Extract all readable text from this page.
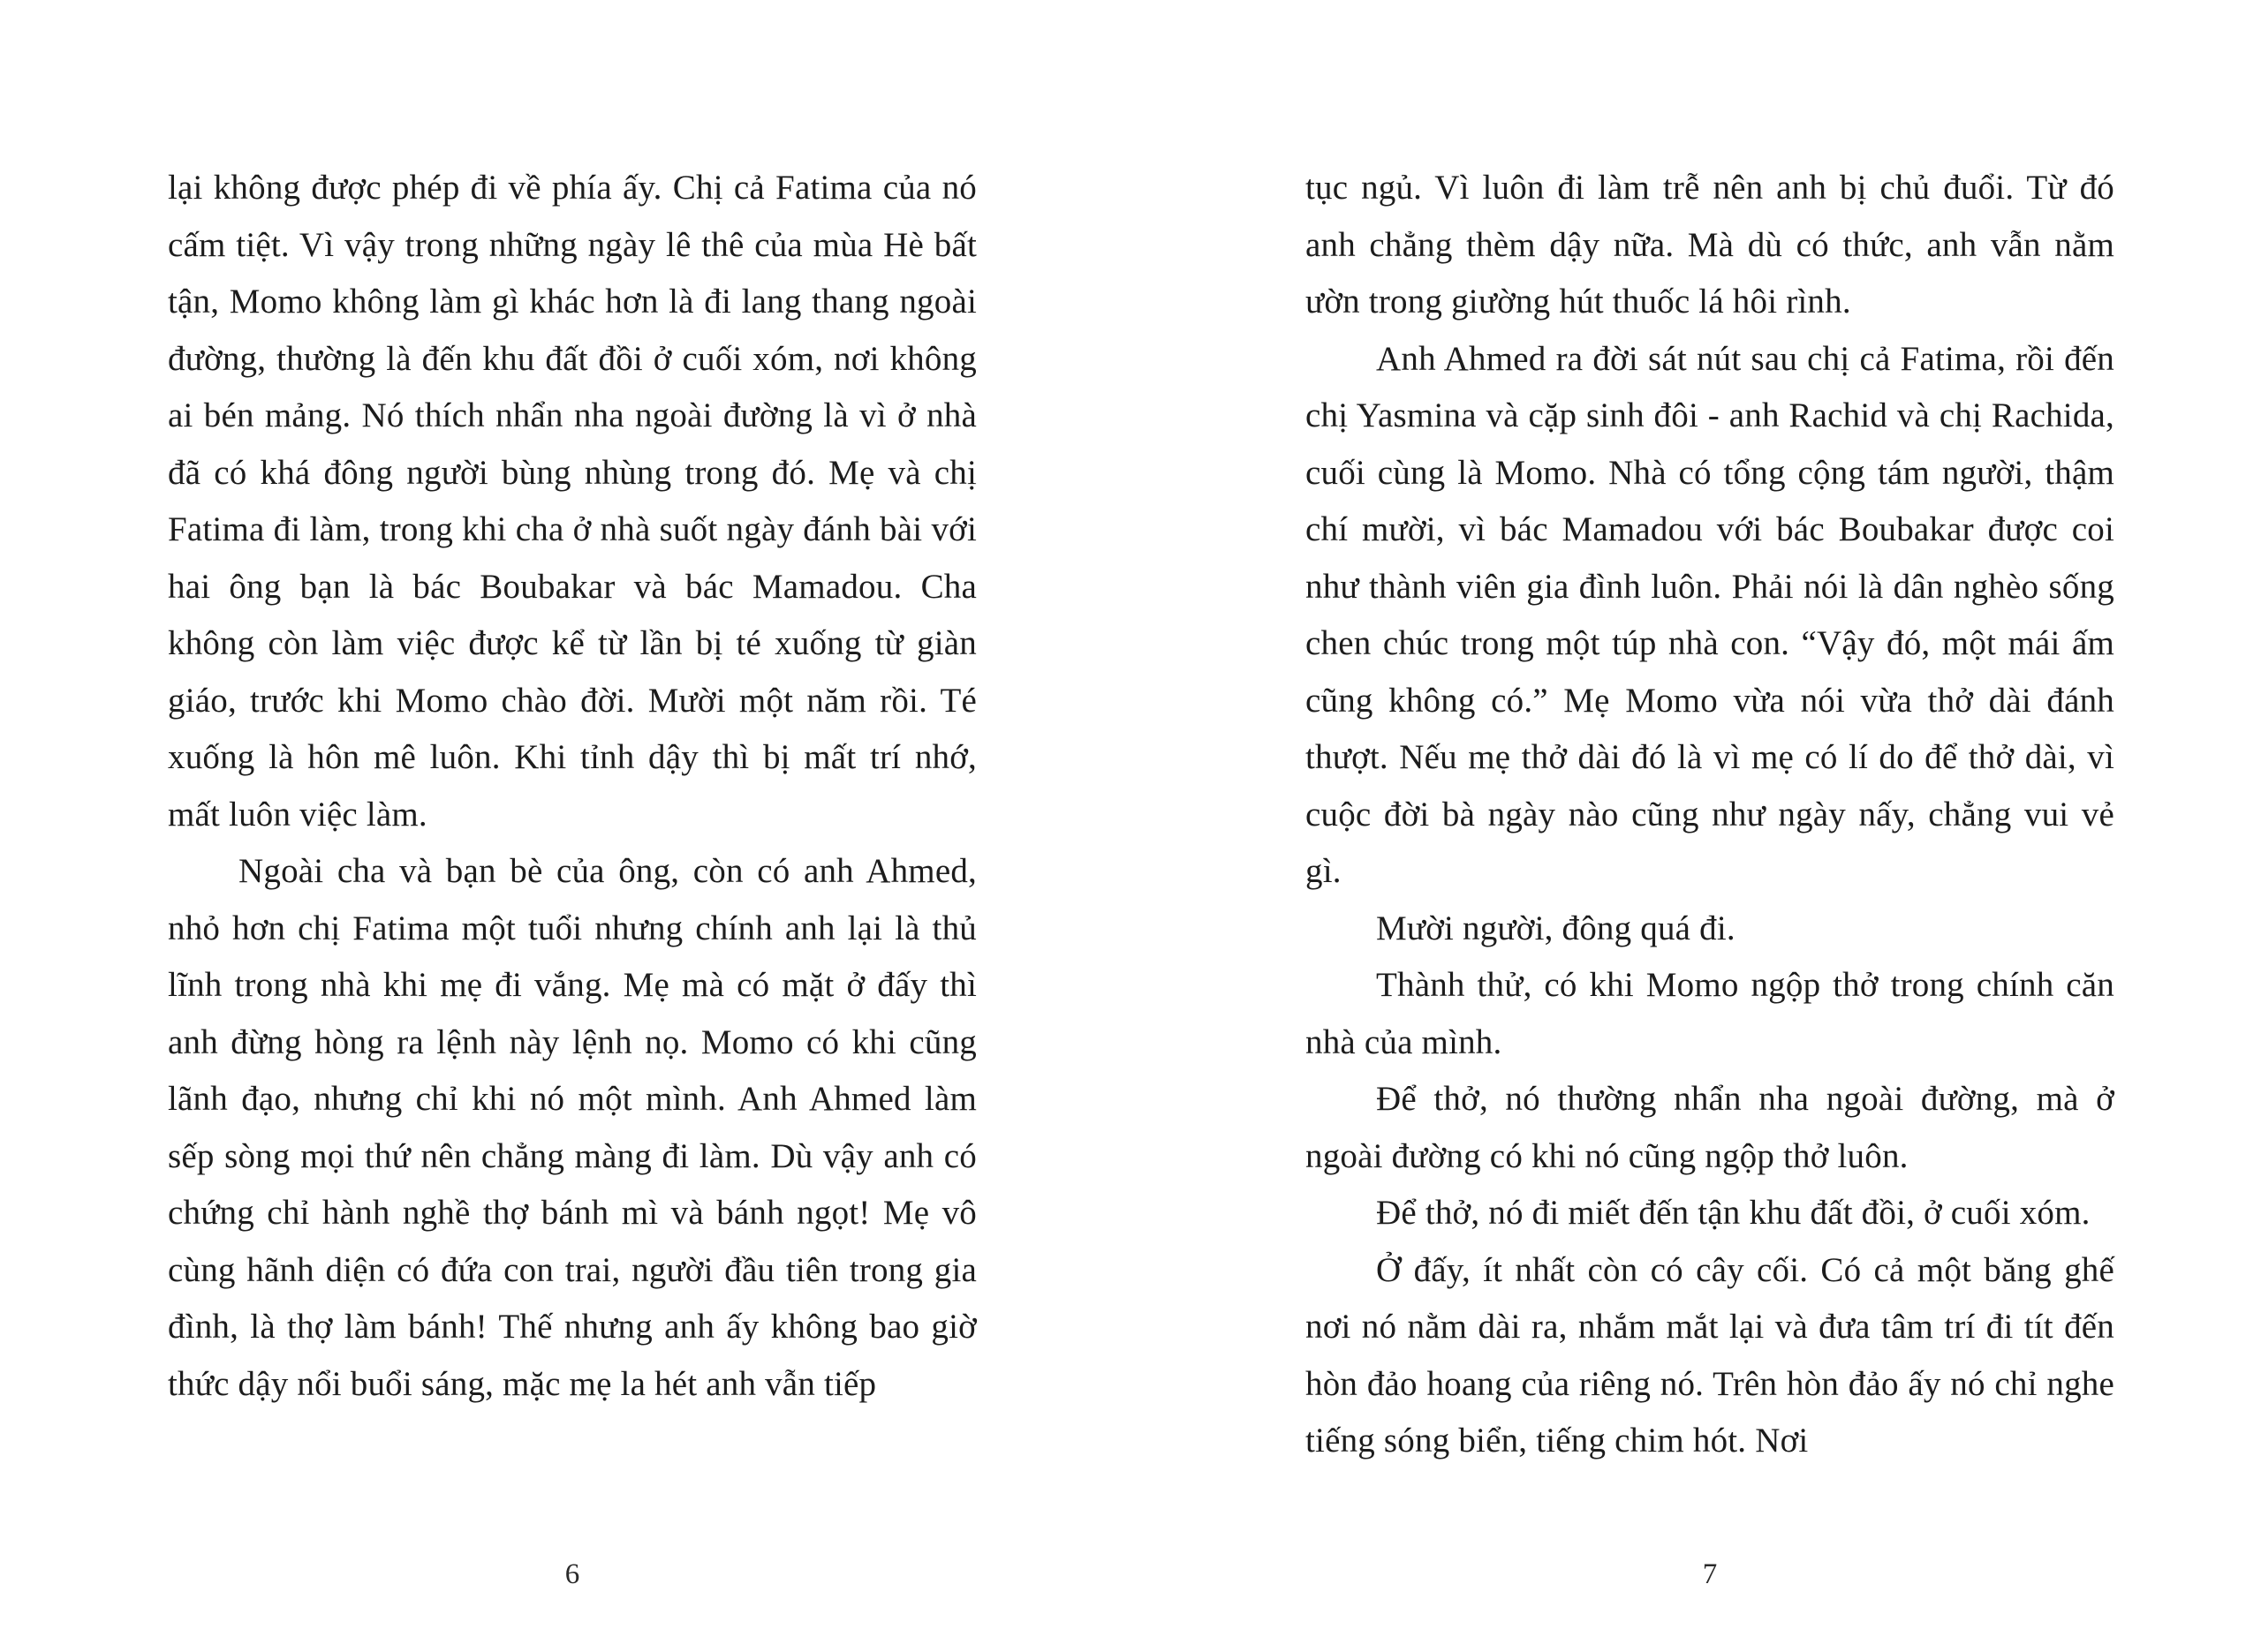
lại không được phép đi về phía ấy. Chị cả Fatima của nó cấm tiệt. Vì vậy trong những ngày lê thê của mùa Hè bất tận, Momo không làm gì khác hơn là đi lang thang ngoài đường, thường là đến khu đất đồi ở cuối xóm, nơi không ai bén mảng. Nó thích nhẩn nha ngoài đường là vì ở nhà đã có khá đông người bùng nhùng trong đó. Mẹ và chị Fatima đi làm, trong khi cha ở nhà suốt ngày đánh bài với hai ông bạn là bác Boubakar và bác Mamadou. Cha không còn làm việc được kể từ lần bị té xuống từ giàn giáo, trước khi Momo chào đời. Mười một năm rồi. Té xuống là hôn mê luôn. Khi tỉnh dậy thì bị mất trí nhớ, mất luôn việc làm.

Ngoài cha và bạn bè của ông, còn có anh Ahmed, nhỏ hơn chị Fatima một tuổi nhưng chính anh lại là thủ lĩnh trong nhà khi mẹ đi vắng. Mẹ mà có mặt ở đấy thì anh đừng hòng ra lệnh này lệnh nọ. Momo có khi cũng lãnh đạo, nhưng chỉ khi nó một mình. Anh Ahmed làm sếp sòng mọi thứ nên chẳng màng đi làm. Dù vậy anh có chứng chỉ hành nghề thợ bánh mì và bánh ngọt! Mẹ vô cùng hãnh diện có đứa con trai, người đầu tiên trong gia đình, là thợ làm bánh! Thế nhưng anh ấy không bao giờ thức dậy nổi buổi sáng, mặc mẹ la hét anh vẫn tiếp

tục ngủ. Vì luôn đi làm trễ nên anh bị chủ đuổi. Từ đó anh chẳng thèm dậy nữa. Mà dù có thức, anh vẫn nằm ườn trong giường hút thuốc lá hôi rình.

Anh Ahmed ra đời sát nút sau chị cả Fatima, rồi đến chị Yasmina và cặp sinh đôi - anh Rachid và chị Rachida, cuối cùng là Momo. Nhà có tổng cộng tám người, thậm chí mười, vì bác Mamadou với bác Boubakar được coi như thành viên gia đình luôn. Phải nói là dân nghèo sống chen chúc trong một túp nhà con. “Vậy đó, một mái ấm cũng không có.” Mẹ Momo vừa nói vừa thở dài đánh thượt. Nếu mẹ thở dài đó là vì mẹ có lí do để thở dài, vì cuộc đời bà ngày nào cũng như ngày nấy, chẳng vui vẻ gì.

Mười người, đông quá đi.

Thành thử, có khi Momo ngộp thở trong chính căn nhà của mình.

Để thở, nó thường nhẩn nha ngoài đường, mà ở ngoài đường có khi nó cũng ngộp thở luôn.

Để thở, nó đi miết đến tận khu đất đồi, ở cuối xóm.

Ở đấy, ít nhất còn có cây cối. Có cả một băng ghế nơi nó nằm dài ra, nhắm mắt lại và đưa tâm trí đi tít đến hòn đảo hoang của riêng nó. Trên hòn đảo ấy nó chỉ nghe tiếng sóng biển, tiếng chim hót. Nơi

6	7
